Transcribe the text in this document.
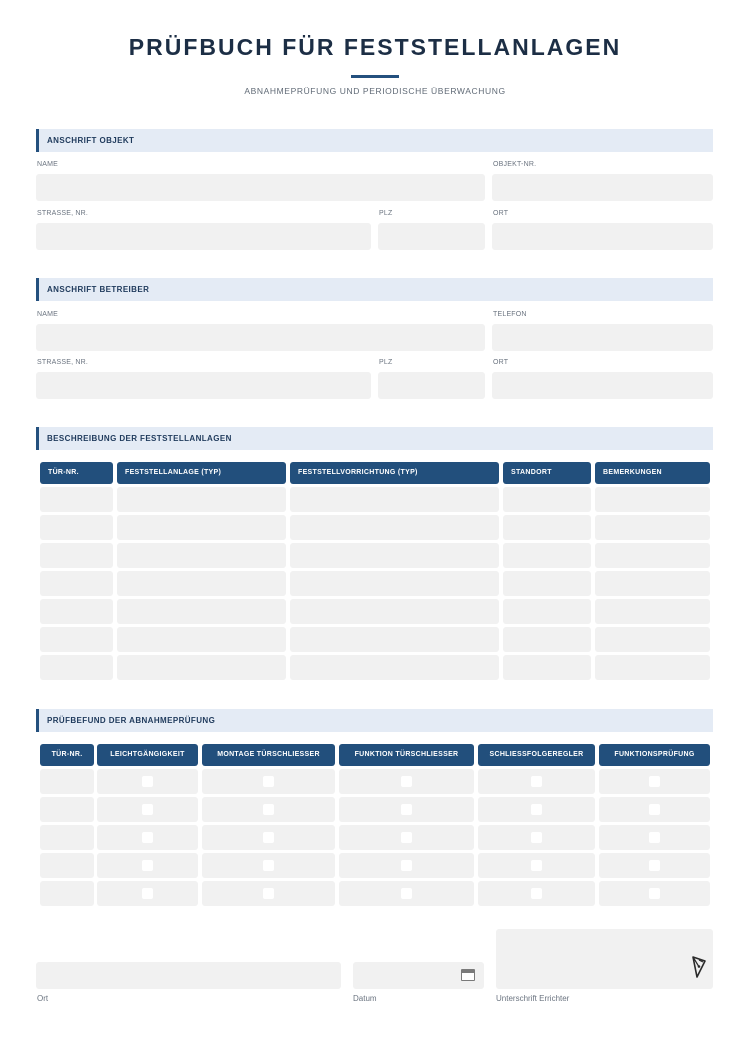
PRÜFBUCH FÜR FESTSTELLANLAGEN
ABNAHMEPRÜFUNG UND PERIODISCHE ÜBERWACHUNG
ANSCHRIFT OBJEKT
NAME	OBJEKT-NR.
STRASSE, NR.	PLZ	ORT
ANSCHRIFT BETREIBER
NAME	TELEFON
STRASSE, NR.	PLZ	ORT
BESCHREIBUNG DER FESTSTELLANLAGEN
TÜR-NR.	FESTSTELLANLAGE (TYP)	FESTSTELLVORRICHTUNG (TYP)	STANDORT	BEMERKUNGEN
PRÜFBEFUND DER ABNAHMEPRÜFUNG
TÜR-NR.	LEICHTGÄNGIGKEIT	MONTAGE TÜRSCHLIESSER	FUNKTION TÜRSCHLIESSER	SCHLIESSFOLGEREGLER	FUNKTIONSPRÜFUNG
Ort	Datum	Unterschrift Errichter
